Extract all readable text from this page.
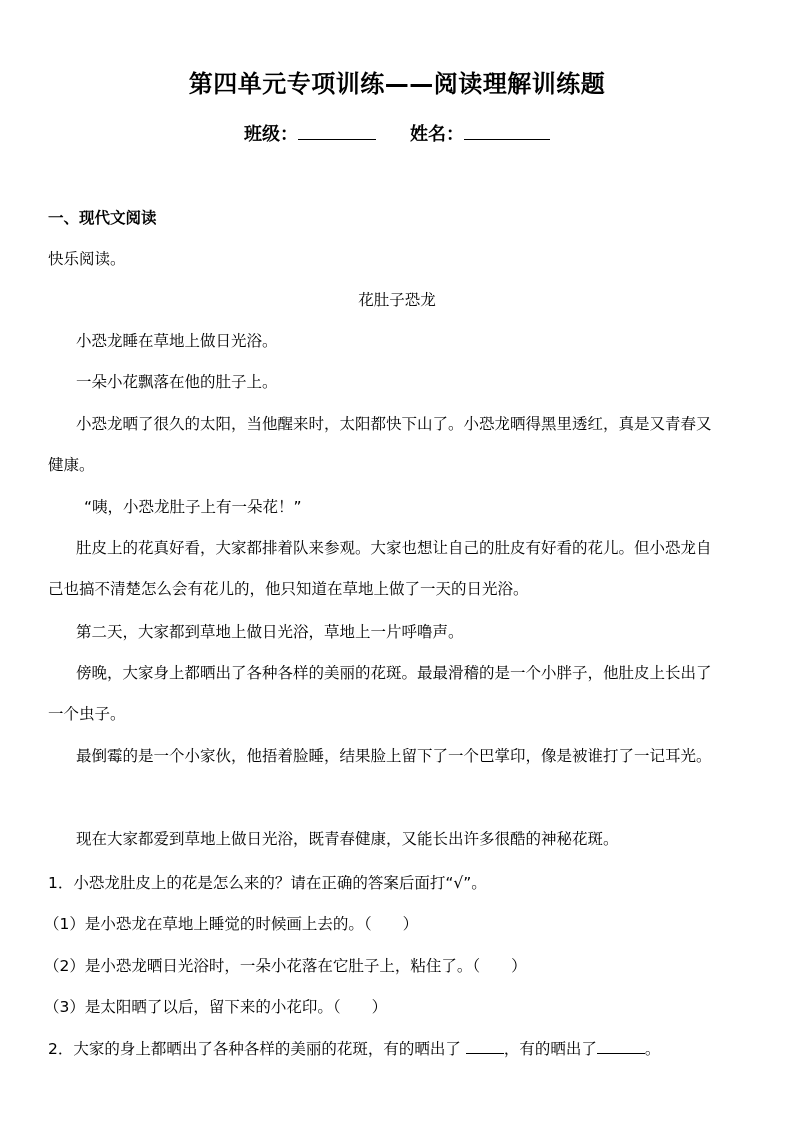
第四单元专项训练——阅读理解训练题
班级：	姓名：
一、现代文阅读
快乐阅读。
花肚子恐龙
小恐龙睡在草地上做日光浴。
一朵小花飘落在他的肚子上。
小恐龙晒了很久的太阳，当他醒来时，太阳都快下山了。小恐龙晒得黑里透红，真是又青春又健康。
“咦，小恐龙肚子上有一朵花！”
肚皮上的花真好看，大家都排着队来参观。大家也想让自己的肚皮有好看的花儿。但小恐龙自己也搞不清楚怎么会有花儿的，他只知道在草地上做了一天的日光浴。
第二天，大家都到草地上做日光浴，草地上一片呼噜声。
傍晚，大家身上都晒出了各种各样的美丽的花斑。最最滑稽的是一个小胖子，他肚皮上长出了一个虫子。
最倒霉的是一个小家伙，他捂着脸睡，结果脸上留下了一个巴掌印，像是被谁打了一记耳光。
现在大家都爱到草地上做日光浴，既青春健康，又能长出许多很酷的神秘花斑。
1．小恐龙肚皮上的花是怎么来的？请在正确的答案后面打“√”。
（1）是小恐龙在草地上睡觉的时候画上去的。（　　）
（2）是小恐龙晒日光浴时，一朵小花落在它肚子上，粘住了。（　　）
（3）是太阳晒了以后，留下来的小花印。（　　）
2．大家的身上都晒出了各种各样的美丽的花斑，有的晒出了	，有的晒出了	。
